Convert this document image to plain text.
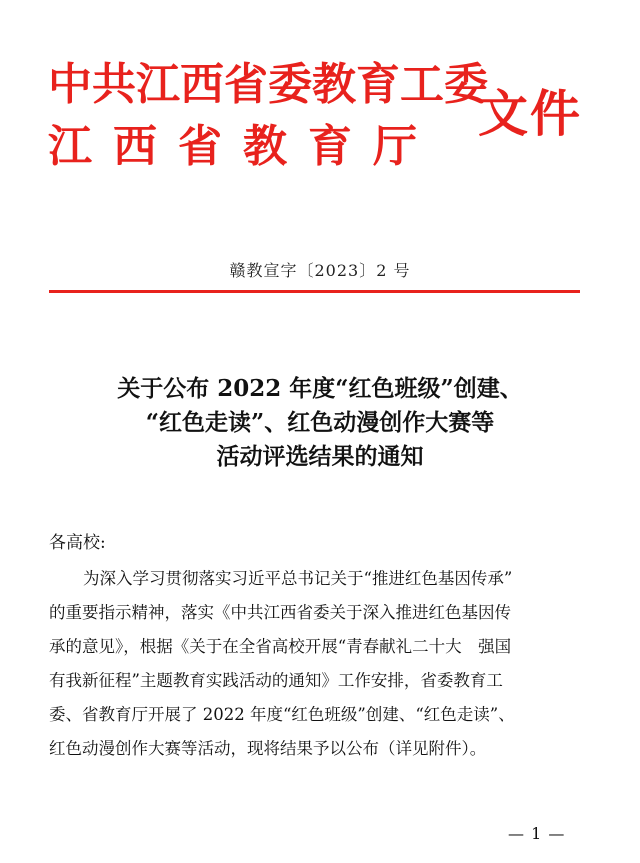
中共江西省委教育工委
江西省教育厅
文件
赣教宣字〔2023〕2 号
关于公布 2022 年度“红色班级”创建、
“红色走读”、红色动漫创作大赛等
活动评选结果的通知
各高校:
为深入学习贯彻落实习近平总书记关于“推进红色基因传承”
的重要指示精神，落实《中共江西省委关于深入推进红色基因传
承的意见》，根据《关于在全省高校开展“青春献礼二十大　强国
有我新征程”主题教育实践活动的通知》工作安排，省委教育工
委、省教育厅开展了 2022 年度“红色班级”创建、“红色走读”、
红色动漫创作大赛等活动，现将结果予以公布（详见附件）。
— 1 —
